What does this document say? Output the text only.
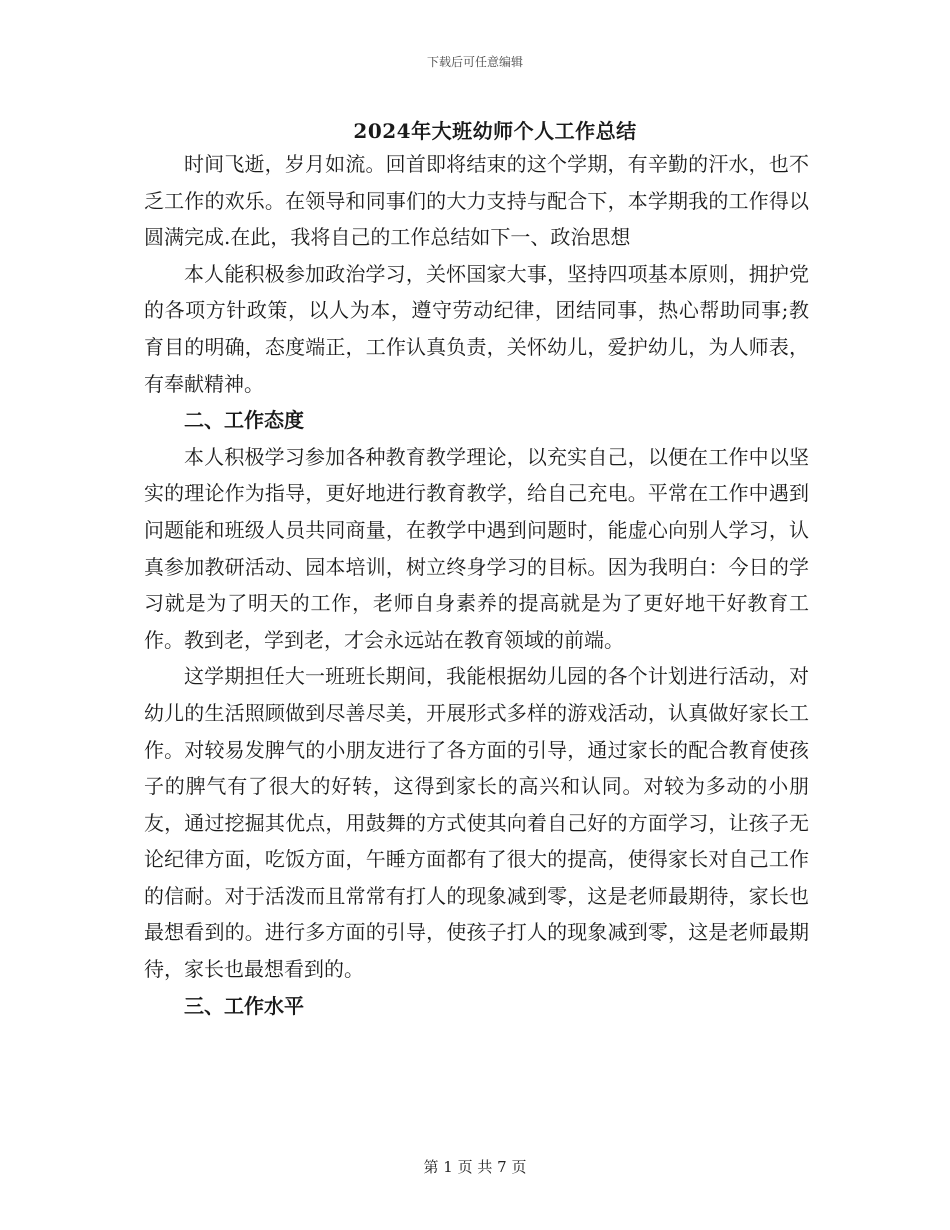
下载后可任意编辑
2024年大班幼师个人工作总结

时间飞逝，岁月如流。回首即将结束的这个学期，有辛勤的汗水，也不乏工作的欢乐。在领导和同事们的大力支持与配合下，本学期我的工作得以圆满完成.在此，我将自己的工作总结如下一、政治思想

本人能积极参加政治学习，关怀国家大事，坚持四项基本原则，拥护党的各项方针政策，以人为本，遵守劳动纪律，团结同事，热心帮助同事;教育目的明确，态度端正，工作认真负责，关怀幼儿，爱护幼儿，为人师表，有奉献精神。

二、工作态度

本人积极学习参加各种教育教学理论，以充实自己，以便在工作中以坚实的理论作为指导，更好地进行教育教学，给自己充电。平常在工作中遇到问题能和班级人员共同商量，在教学中遇到问题时，能虚心向别人学习，认真参加教研活动、园本培训，树立终身学习的目标。因为我明白：今日的学习就是为了明天的工作，老师自身素养的提高就是为了更好地干好教育工作。教到老，学到老，才会永远站在教育领域的前端。

这学期担任大一班班长期间，我能根据幼儿园的各个计划进行活动，对幼儿的生活照顾做到尽善尽美，开展形式多样的游戏活动，认真做好家长工作。对较易发脾气的小朋友进行了各方面的引导，通过家长的配合教育使孩子的脾气有了很大的好转，这得到家长的高兴和认同。对较为多动的小朋友，通过挖掘其优点，用鼓舞的方式使其向着自己好的方面学习，让孩子无论纪律方面，吃饭方面，午睡方面都有了很大的提高，使得家长对自己工作的信耐。对于活泼而且常常有打人的现象减到零，这是老师最期待，家长也最想看到的。进行多方面的引导，使孩子打人的现象减到零，这是老师最期待，家长也最想看到的。

三、工作水平

第 1 页 共 7 页
